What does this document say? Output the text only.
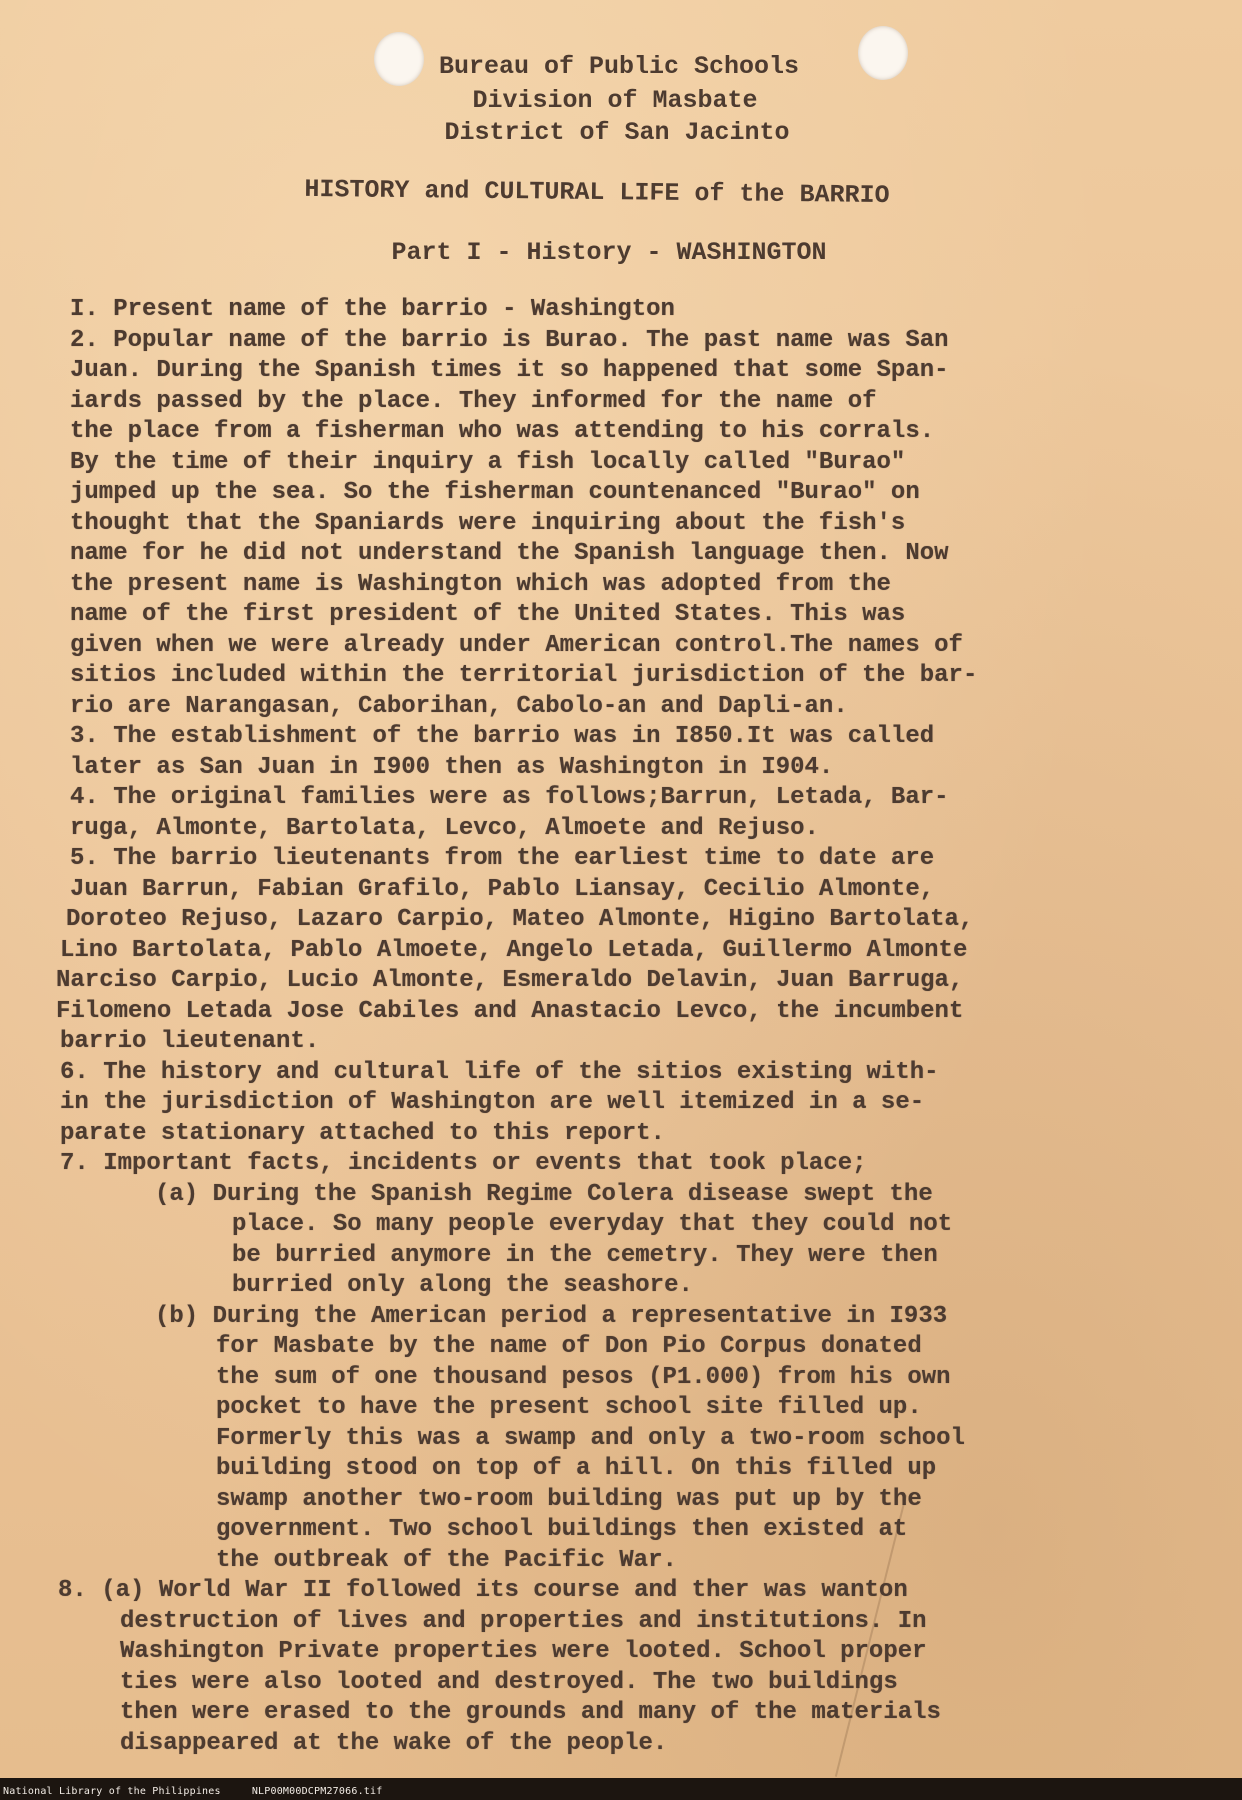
Bureau of Public Schools
Division of Masbate
District of San Jacinto
HISTORY and CULTURAL LIFE of the BARRIO
Part I - History - WASHINGTON
I. Present name of the barrio - Washington
2. Popular name of the barrio is Burao. The past name was San
Juan. During the Spanish times it so happened that some Span-
iards passed by the place. They informed for the name of
the place from a fisherman who was attending to his corrals.
By the time of their inquiry a fish locally called "Burao"
jumped up the sea. So the fisherman countenanced "Burao" on
thought that the Spaniards were inquiring about the fish's
name for he did not understand the Spanish language then. Now
the present name is Washington which was adopted from the
name of the first president of the United States. This was
given when we were already under American control.The names of
sitios included within the territorial jurisdiction of the bar-
rio are Narangasan, Caborihan, Cabolo-an and Dapli-an.
3. The establishment of the barrio was in I850.It was called
later as San Juan in I900 then as Washington in I904.
4. The original families were as follows;Barrun, Letada, Bar-
ruga, Almonte, Bartolata, Levco, Almoete and Rejuso.
5. The barrio lieutenants from the earliest time to date are
Juan Barrun, Fabian Grafilo, Pablo Liansay, Cecilio Almonte,
Doroteo Rejuso, Lazaro Carpio, Mateo Almonte, Higino Bartolata,
Lino Bartolata, Pablo Almoete, Angelo Letada, Guillermo Almonte
Narciso Carpio, Lucio Almonte, Esmeraldo Delavin, Juan Barruga,
Filomeno Letada Jose Cabiles and Anastacio Levco, the incumbent
barrio lieutenant.
6. The history and cultural life of the sitios existing with-
in the jurisdiction of Washington are well itemized in a se-
parate stationary attached to this report.
7. Important facts, incidents or events that took place;
(a) During the Spanish Regime Colera disease swept the
place. So many people everyday that they could not
be burried anymore in the cemetry. They were then
burried only along the seashore.
(b) During the American period a representative in I933
for Masbate by the name of Don Pio Corpus donated
the sum of one thousand pesos (P1.000) from his own
pocket to have the present school site filled up.
Formerly this was a swamp and only a two-room school
building stood on top of a hill. On this filled up
swamp another two-room building was put up by the
government. Two school buildings then existed at
the outbreak of the Pacific War.
8. (a) World War II followed its course and ther was wanton
destruction of lives and properties and institutions. In
Washington Private properties were looted. School proper
ties were also looted and destroyed. The two buildings
then were erased to the grounds and many of the materials
disappeared at the wake of the people.
National Library of the Philippines     NLP00M00DCPM27066.tif
